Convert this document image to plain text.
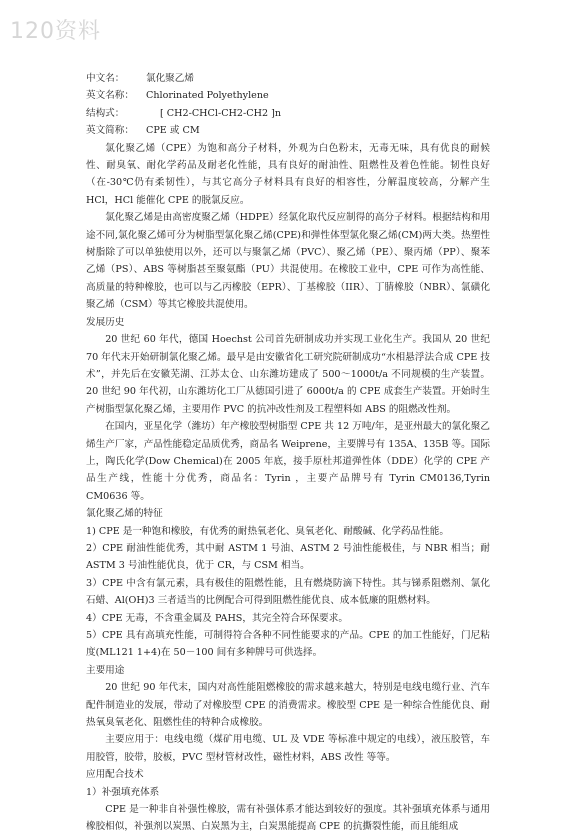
120资料

中文名： 氯化聚乙烯

英文名称： Chlorinated Polyethylene

结构式：	[ CH2-CHCl-CH2-CH2 ]n

英文简称： CPE 或 CM

氯化聚乙烯（CPE）为饱和高分子材料，外观为白色粉末，无毒无味，具有优良的耐候性、耐臭氧、耐化学药品及耐老化性能，具有良好的耐油性、阻燃性及着色性能。韧性良好（在-30℃仍有柔韧性），与其它高分子材料具有良好的相容性，分解温度较高，分解产生HCl，HCl 能催化 CPE 的脱氯反应。

氯化聚乙烯是由高密度聚乙烯（HDPE）经氯化取代反应制得的高分子材料。根据结构和用途不同,氯化聚乙烯可分为树脂型氯化聚乙烯(CPE)和弹性体型氯化聚乙烯(CM)两大类。热塑性树脂除了可以单独使用以外，还可以与聚氯乙烯（PVC）、聚乙烯（PE）、聚丙烯（PP）、聚苯乙烯（PS）、ABS 等树脂甚至聚氨酯（PU）共混使用。在橡胶工业中，CPE 可作为高性能、高质量的特种橡胶，也可以与乙丙橡胶（EPR）、丁基橡胶（IIR）、丁腈橡胶（NBR）、氯磺化聚乙烯（CSM）等其它橡胶共混使用。

发展历史

20 世纪 60 年代，德国 Hoechst 公司首先研制成功并实现工业化生产。我国从 20 世纪 70 年代末开始研制氯化聚乙烯。最早是由安徽省化工研究院研制成功“水相悬浮法合成 CPE 技术”，并先后在安徽芜湖、江苏太仓、山东潍坊建成了 500～1000t/a 不同规模的生产装置。20 世纪 90 年代初，山东潍坊化工厂从德国引进了 6000t/a 的 CPE 成套生产装置。开始时生产树脂型氯化聚乙烯，主要用作 PVC 的抗冲改性剂及工程塑料如 ABS 的阻燃改性剂。

在国内，亚星化学（潍坊）年产橡胶型树脂型 CPE 共 12 万吨/年，是亚州最大的氯化聚乙烯生产厂家，产品性能稳定品质优秀，商品名 Weiprene，主要牌号有 135A、135B 等。国际上，陶氏化学(Dow Chemical)在 2005 年底，接手原杜邦道弹性体（DDE）化学的 CPE 产品生产线，性能十分优秀，商品名：Tyrin ，主要产品牌号有 Tyrin CM0136,Tyrin CM0636 等。

氯化聚乙烯的特征

1) CPE 是一种饱和橡胶，有优秀的耐热氧老化、臭氧老化、耐酸碱、化学药品性能。

2）CPE 耐油性能优秀，其中耐 ASTM 1 号油、ASTM 2 号油性能极佳，与 NBR 相当；耐 ASTM 3 号油性能优良，优于 CR，与 CSM 相当。

3）CPE 中含有氯元素，具有极佳的阻燃性能，且有燃烧防滴下特性。其与锑系阻燃剂、氯化石蜡、Al(OH)3 三者适当的比例配合可得到阻燃性能优良、成本低廉的阻燃材料。

4）CPE 无毒，不含重金属及 PAHS，其完全符合环保要求。

5）CPE 具有高填充性能，可制得符合各种不同性能要求的产品。CPE 的加工性能好，门尼粘度(ML121 1+4)在 50－100 间有多种牌号可供选择。

主要用途

20 世纪 90 年代末，国内对高性能阻燃橡胶的需求越来越大，特别是电线电缆行业、汽车配件制造业的发展，带动了对橡胶型 CPE 的消费需求。橡胶型 CPE 是一种综合性能优良、耐热氧臭氧老化、阻燃性佳的特种合成橡胶。

主要应用于：电线电缆（煤矿用电缆、UL 及 VDE 等标准中规定的电线），液压胶管，车用胶管，胶带，胶板，PVC 型材管材改性，磁性材料，ABS 改性 等等。

应用配合技术

1）补强填充体系

CPE 是一种非自补强性橡胶，需有补强体系才能达到较好的强度。其补强填充体系与通用橡胶相似，补强剂以炭黑、白炭黑为主，白炭黑能提高 CPE 的抗撕裂性能，而且能组成
